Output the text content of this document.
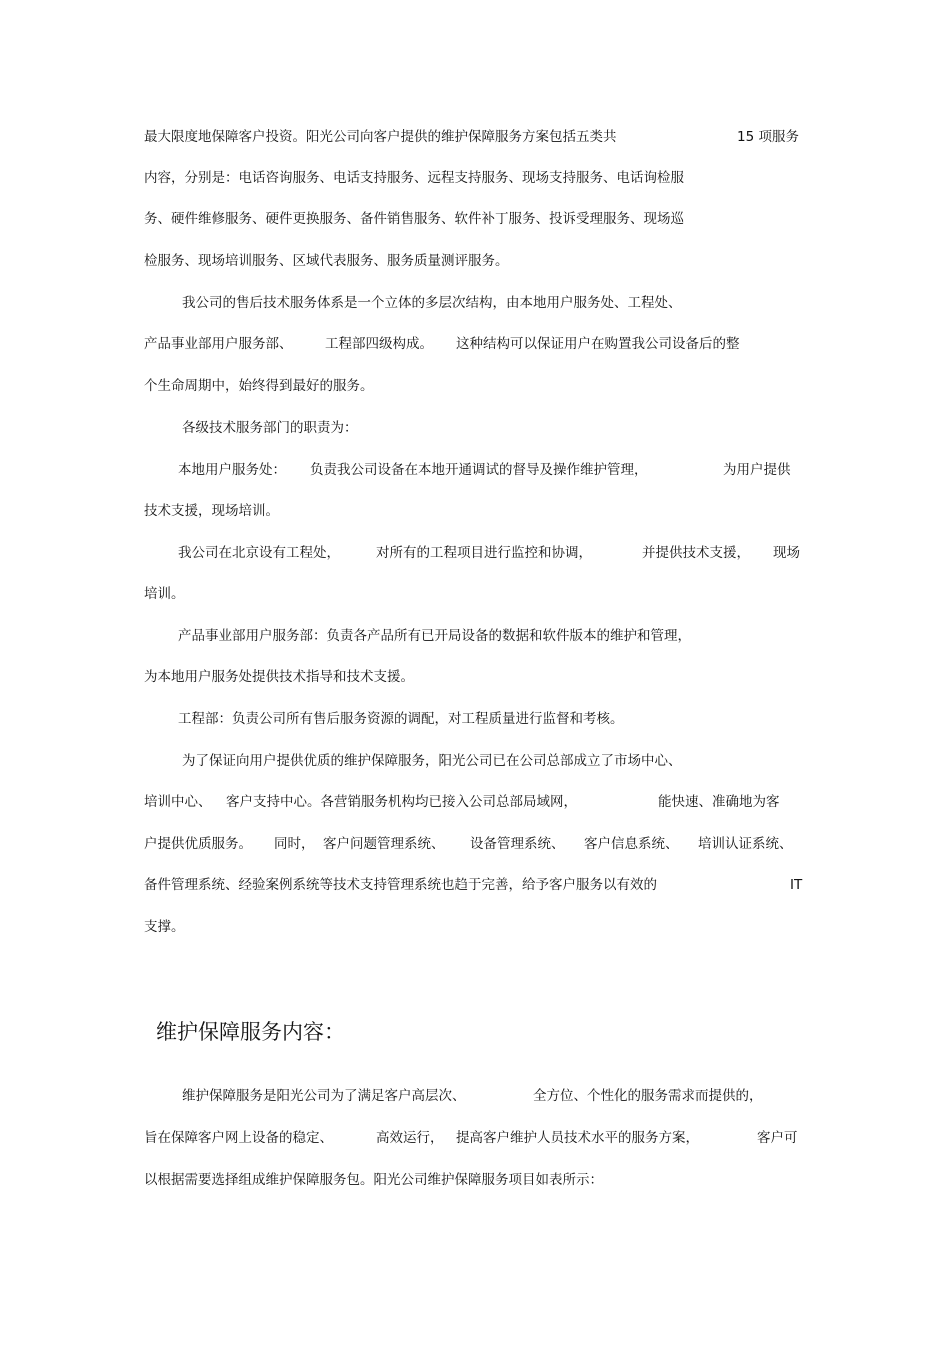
最大限度地保障客户投资。阳光公司向客户提供的维护保障服务方案包括五类共	15 项服务
内容，分别是：电话咨询服务、电话支持服务、远程支持服务、现场支持服务、电话询检服
务、硬件维修服务、硬件更换服务、备件销售服务、软件补丁服务、投诉受理服务、现场巡
检服务、现场培训服务、区域代表服务、服务质量测评服务。
我公司的售后技术服务体系是一个立体的多层次结构，由本地用户服务处、工程处、
产品事业部用户服务部、 工程部四级构成。 这种结构可以保证用户在购置我公司设备后的整
个生命周期中，始终得到最好的服务。
各级技术服务部门的职责为：
本地用户服务处： 负责我公司设备在本地开通调试的督导及操作维护管理，	为用户提供
技术支援，现场培训。
我公司在北京设有工程处，	对所有的工程项目进行监控和协调，	并提供技术支援， 现场
培训。
产品事业部用户服务部：负责各产品所有已开局设备的数据和软件版本的维护和管理，
为本地用户服务处提供技术指导和技术支援。
工程部：负责公司所有售后服务资源的调配，对工程质量进行监督和考核。
为了保证向用户提供优质的维护保障服务，阳光公司已在公司总部成立了市场中心、
培训中心、 客户支持中心。各营销服务机构均已接入公司总部局域网，	能快速、准确地为客
户提供优质服务。 同时， 客户问题管理系统、 设备管理系统、 客户信息系统、 培训认证系统、
备件管理系统、经验案例系统等技术支持管理系统也趋于完善，给予客户服务以有效的	IT
支撑。
维护保障服务内容：
维护保障服务是阳光公司为了满足客户高层次、	全方位、个性化的服务需求而提供的，
旨在保障客户网上设备的稳定、	高效运行， 提高客户维护人员技术水平的服务方案，	客户可
以根据需要选择组成维护保障服务包。阳光公司维护保障服务项目如表所示：
